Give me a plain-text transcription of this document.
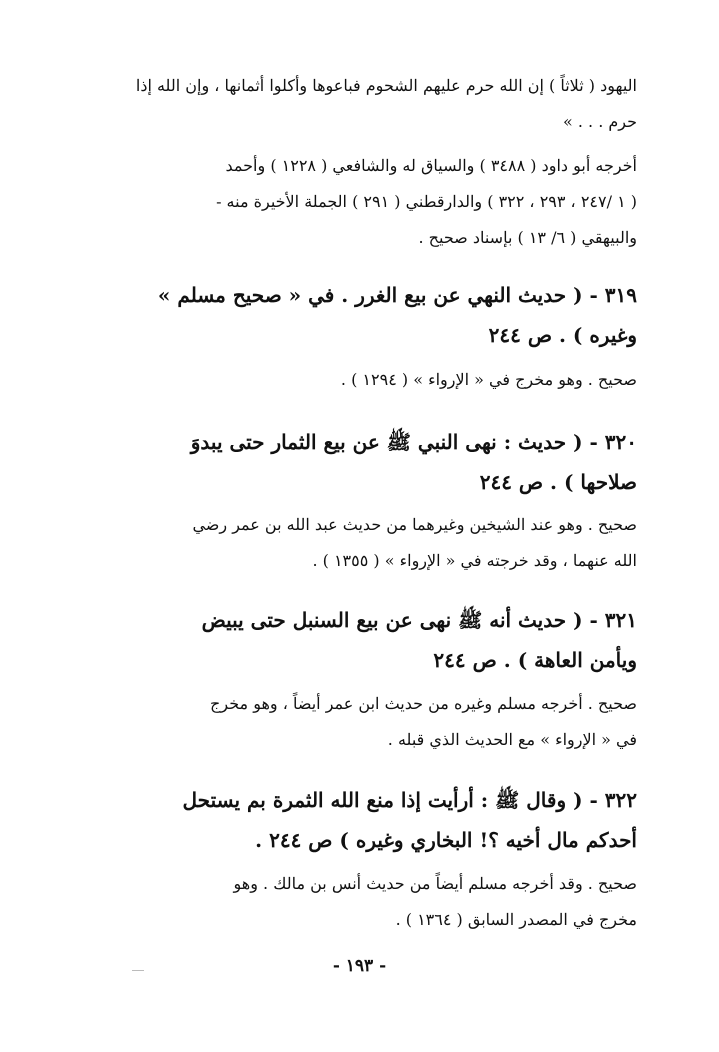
اليهود ( ثلاثاً ) إن الله حرم عليهم الشحوم فباعوها وأكلوا أثمانها ، وإن الله إذا
حرم . . . »
أخرجه أبو داود ( ٣٤٨٨ ) والسياق له والشافعي ( ١٢٢٨ ) وأحمد
( ١ /٢٤٧ ، ٢٩٣ ، ٣٢٢ ) والدارقطني ( ٢٩١ ) الجملة الأخيرة منه -
والبيهقي ( ٦/ ١٣ ) بإسناد صحيح .
٣١٩ - ( حديث النهي عن بيع الغرر . في « صحيح مسلم »
وغيره ) . ص ٢٤٤
صحيح . وهو مخرج في « الإرواء » ( ١٢٩٤ ) .
٣٢٠ - ( حديث : نهى النبي ﷺ عن بيع الثمار حتى يبدوَ
صلاحها ) . ص ٢٤٤
صحيح . وهو عند الشيخين وغيرهما من حديث عبد الله بن عمر رضي
الله عنهما ، وقد خرجته في « الإرواء » ( ١٣٥٥ ) .
٣٢١ - ( حديث أنه ﷺ نهى عن بيع السنبل حتى يبيض
ويأمن العاهة ) . ص ٢٤٤
صحيح . أخرجه مسلم وغيره من حديث ابن عمر أيضاً ، وهو مخرج
في « الإرواء » مع الحديث الذي قبله .
٣٢٢ - ( وقال ﷺ : أرأيت إذا منع الله الثمرة بم يستحل
أحدكم مال أخيه ؟! البخاري وغيره ) ص ٢٤٤ .
صحيح . وقد أخرجه مسلم أيضاً من حديث أنس بن مالك . وهو
مخرج في المصدر السابق ( ١٣٦٤ ) .
- ١٩٣ -
